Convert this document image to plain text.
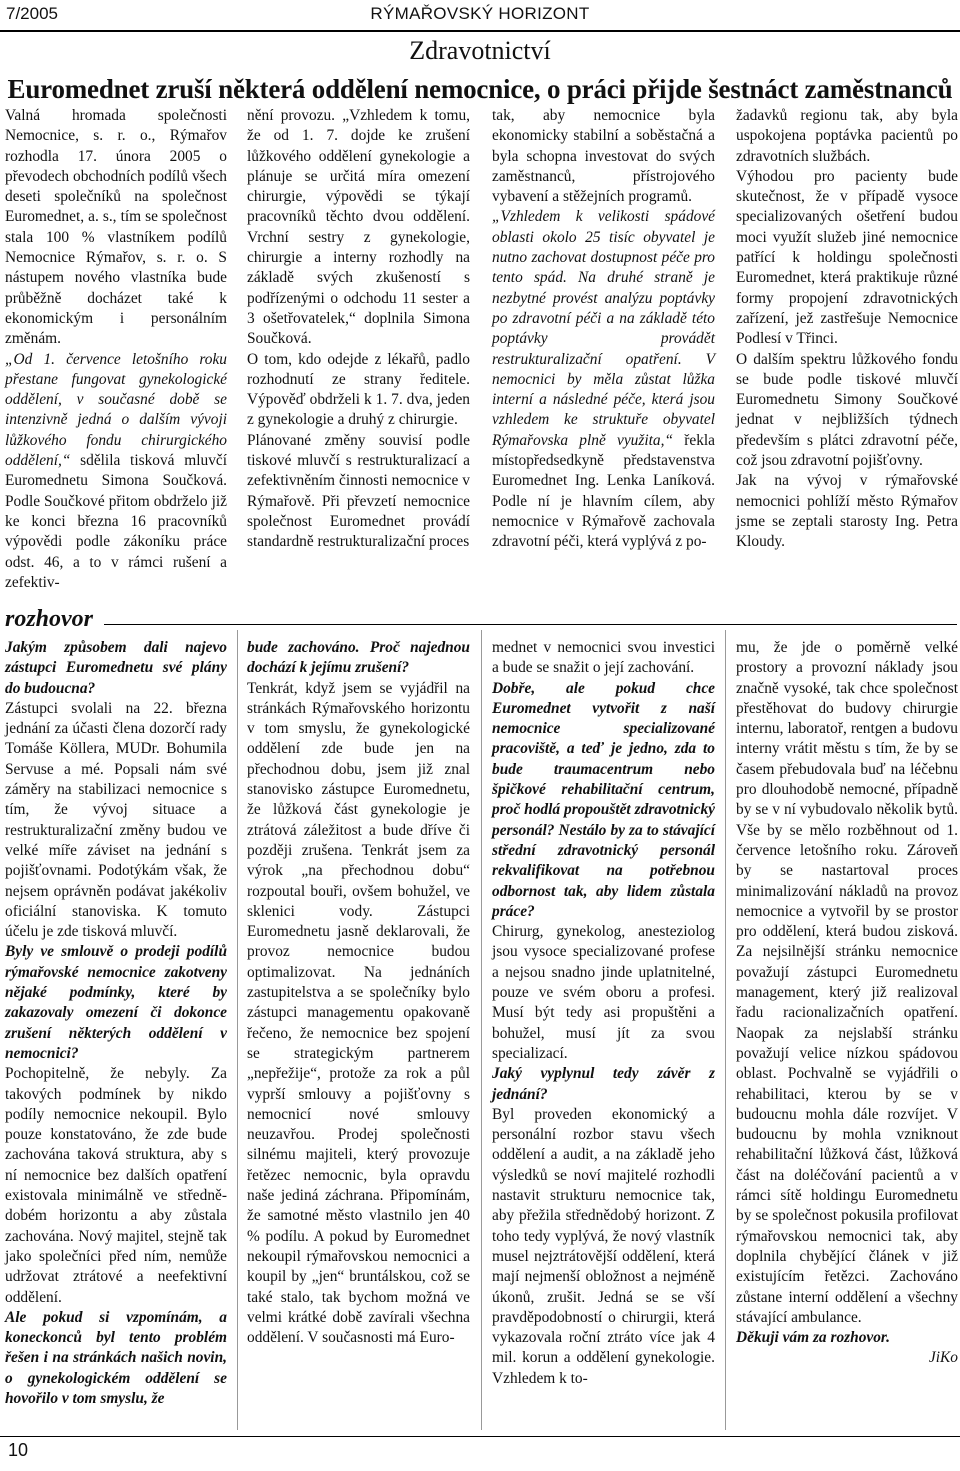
7/2005	RÝMAŘOVSKÝ HORIZONT
Zdravotnictví
Euromednet zruší některá oddělení nemocnice, o práci přijde šestnáct zaměstnanců

Valná hromada společnosti Nemocnice, s. r. o., Rýmařov rozhodla 17. února 2005 o převodech obchodních podílů všech deseti společníků na společnost Euromednet, a. s., tím se společnost stala 100 % vlastníkem podílů Nemocnice Rýmařov, s. r. o. S nástupem nového vlastníka bude průběžně docházet také k ekonomickým i personálním změnám.

„Od 1. července letošního roku přestane fungovat gynekologické oddělení, v současné době se intenzivně jedná o dalším vývoji lůžkového fondu chirurgického oddělení,“ sdělila tisková mluvčí Euromednetu Simona Součková. Podle Součkové přitom obdrželo již ke konci března 16 pracovníků výpovědi podle zákoníku práce odst. 46, a to v rámci rušení a zefektiv-

nění provozu. „Vzhledem k tomu, že od 1. 7. dojde ke zrušení lůžkového oddělení gynekologie a plánuje se určitá míra omezení chirurgie, výpovědi se týkají pracovníků těchto dvou oddělení. Vrchní sestry z gynekologie, chirurgie a interny rozhodly na základě svých zkušeností s podřízenými o odchodu 11 sester a 3 ošetřovatelek,“ doplnila Simona Součková.

O tom, kdo odejde z lékařů, padlo rozhodnutí ze strany ředitele. Výpověď obdrželi k 1. 7. dva, jeden z gynekologie a druhý z chirurgie.

Plánované změny souvisí podle tiskové mluvčí s restrukturalizací a zefektivněním činnosti nemocnice v Rýmařově. Při převzetí nemocnice společnost Euromednet provádí standardně restrukturalizační proces

tak, aby nemocnice byla ekonomicky stabilní a soběstačná a byla schopna investovat do svých zaměstnanců, přístrojového vybavení a stěžejních programů.

„Vzhledem k velikosti spádové oblasti okolo 25 tisíc obyvatel je nutno zachovat dostupnost péče pro tento spád. Na druhé straně je nezbytné provést analýzu poptávky po zdravotní péči a na základě této poptávky provádět restrukturalizační opatření. V nemocnici by měla zůstat lůžka interní a následné péče, která jsou vzhledem ke struktuře obyvatel Rýmařovska plně využita,“ řekla místopředsedkyně představenstva Euromednet Ing. Lenka Laníková. Podle ní je hlavním cílem, aby nemocnice v Rýmařově zachovala zdravotní péči, která vyplývá z po-

žadavků regionu tak, aby byla uspokojena poptávka pacientů po zdravotních službách.

Výhodou pro pacienty bude skutečnost, že v případě vysoce specializovaných ošetření budou moci využít služeb jiné nemocnice patřící k holdingu společnosti Euromednet, která praktikuje různé formy propojení zdravotnických zařízení, jež zastřešuje Nemocnice Podlesí v Třinci.

O dalším spektru lůžkového fondu se bude podle tiskové mluvčí Euromednetu Simony Součkové jednat v nejbližších týdnech především s plátci zdravotní péče, což jsou zdravotní pojišťovny.

Jak na vývoj v rýmařovské nemocnici pohlíží město Rýmařov jsme se zeptali starosty Ing. Petra Kloudy.

rozhovor

Jakým způsobem dali najevo zástupci Euromednetu své plány do budoucna?

Zástupci svolali na 22. března jednání za účasti člena dozorčí rady Tomáše Köllera, MUDr. Bohumila Servuse a mé. Popsali nám své záměry na stabilizaci nemocnice s tím, že vývoj situace a restrukturalizační změny budou ve velké míře záviset na jednání s pojišťovnami. Podotýkám však, že nejsem oprávněn podávat jakékoliv oficiální stanoviska. K tomuto účelu je zde tisková mluvčí.

Byly ve smlouvě o prodeji podílů rýmařovské nemocnice zakotveny nějaké podmínky, které by zakazovaly omezení či dokonce zrušení některých oddělení v nemocnici?

Pochopitelně, že nebyly. Za takových podmínek by nikdo podíly nemocnice nekoupil. Bylo pouze konstatováno, že zde bude zachována taková struktura, aby s ní nemocnice bez dalších opatření existovala minimálně ve střednědobém horizontu a aby zůstala zachována. Nový majitel, stejně tak jako společníci před ním, nemůže udržovat ztrátové a neefektivní oddělení.

Ale pokud si vzpomínám, a koneckonců byl tento problém řešen i na stránkách našich novin, o gynekologickém oddělení se hovořilo v tom smyslu, že

bude zachováno. Proč najednou dochází k jejímu zrušení?

Tenkrát, když jsem se vyjádřil na stránkách Rýmařovského horizontu v tom smyslu, že gynekologické oddělení zde bude jen na přechodnou dobu, jsem již znal stanovisko zástupce Euromednetu, že lůžková část gynekologie je ztrátová záležitost a bude dříve či později zrušena. Tenkrát jsem za výrok „na přechodnou dobu“ rozpoutal bouři, ovšem bohužel, ve sklenici vody. Zástupci Euromednetu jasně deklarovali, že provoz nemocnice budou optimalizovat. Na jednáních zastupitelstva a se společníky bylo zástupci managementu opakovaně řečeno, že nemocnice bez spojení se strategickým partnerem „nepřežije“, protože za rok a půl vyprší smlouvy a pojišťovny s nemocnicí nové smlouvy neuzavřou. Prodej společnosti silnému majiteli, který provozuje řetězec nemocnic, byla opravdu naše jediná záchrana. Připomínám, že samotné město vlastnilo jen 40 % podílu. A pokud by Euromednet nekoupil rýmařovskou nemocnici a koupil by „jen“ bruntálskou, což se také stalo, tak bychom možná ve velmi krátké době zavírali všechna oddělení. V současnosti má Euro-

mednet v nemocnici svou investici a bude se snažit o její zachování.

Dobře, ale pokud chce Euromednet vytvořit z naší nemocnice specializované pracoviště, a teď je jedno, zda to bude traumacentrum nebo špičkové rehabilitační centrum, proč hodlá propouštět zdravotnický personál? Nestálo by za to stávající střední zdravotnický personál rekvalifikovat na potřebnou odbornost tak, aby lidem zůstala práce?

Chirurg, gynekolog, anesteziolog jsou vysoce specializované profese a nejsou snadno jinde uplatnitelné, pouze ve svém oboru a profesi. Musí být tedy asi propuštěni a bohužel, musí jít za svou specializací.

Jaký vyplynul tedy závěr z jednání?

Byl proveden ekonomický a personální rozbor stavu všech oddělení a audit, a na základě jeho výsledků se noví majitelé rozhodli nastavit strukturu nemocnice tak, aby přežila střednědobý horizont. Z toho tedy vyplývá, že nový vlastník musel nejztrátovější oddělení, která mají nejmenší obložnost a nejméně úkonů, zrušit. Jedná se se vší pravděpodobností o chirurgii, která vykazovala roční ztráto více jak 4 mil. korun a oddělení gynekologie. Vzhledem k to-

mu, že jde o poměrně velké prostory a provozní náklady jsou značně vysoké, tak chce společnost přestěhovat do budovy chirurgie internu, laboratoř, rentgen a budovu interny vrátit městu s tím, že by se časem přebudovala buď na léčebnu pro dlouhodobě nemocné, případně by se v ní vybudovalo několik bytů. Vše by se mělo rozběhnout od 1. července letošního roku. Zároveň by se nastartoval proces minimalizování nákladů na provoz nemocnice a vytvořil by se prostor pro oddělení, která budou zisková. Za nejsilnější stránku nemocnice považují zástupci Euromednetu management, který již realizoval řadu racionalizačních opatření. Naopak za nejslabší stránku považují velice nízkou spádovou oblast. Pochvalně se vyjádřili o rehabilitaci, kterou by se v budoucnu mohla dále rozvíjet. V budoucnu by mohla vzniknout rehabilitační lůžková část, lůžková část na doléčování pacientů a v rámci sítě holdingu Euromednetu by se společnost pokusila profilovat rýmařovskou nemocnici tak, aby doplnila chybějící článek v již existujícím řetězci. Zachováno zůstane interní oddělení a všechny stávající ambulance.

Děkuji vám za rozhovor.

JiKo

10
